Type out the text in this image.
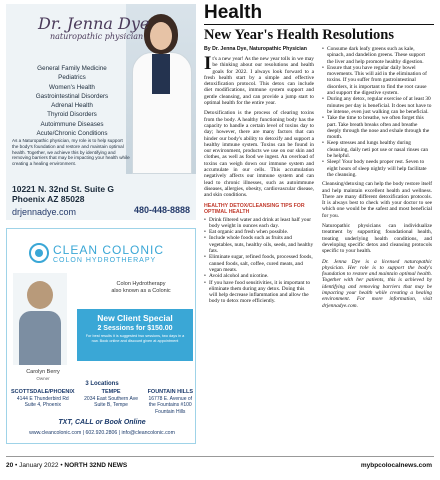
Dr. Jenna Dye
naturopathic physician
General Family Medicine
Pediatrics
Women's Health
Gastrointestinal Disorders
Adrenal Health
Thyroid Disorders
Autoimmune Diseases
Acute/Chronic Conditions
As a Naturopathic physician, my role is to help support the body's foundation and restore and maintain optimal health. Together, we achieve this by identifying and removing barriers that may be impacting your health while creating a healing environment.
10221 N. 32nd St. Suite G
Phoenix AZ 85028
drjennadye.com	480-448-8888
CLEAN COLONIC
COLON HYDROTHERAPY
Carolyn Berry
Owner
Colon Hydrotherapy
also known as a Colonic
New Client Special
2 Sessions for $150.00
For best results it is suggested two sessions, two days in a row. Book online and discount given at appointment
3 Locations
SCOTTSDALE/PHOENIX
4144 E Thunderbird Rd
Suite 4, Phoenix
TEMPE
2034 East Southern Ave
Suite B, Tempe
FOUNTAIN HILLS
16778 E. Avenue of
the Fountains #100
Fountain Hills
TXT, CALL or Book Online
www.cleancolonic.com | 602.920.2806 | info@cleancolonic.com
Health
New Year's Health Resolutions
By Dr. Jenna Dye, Naturopathic Physician

It's a new year! As the new year tolls in we may be thinking about our resolutions and health goals for 2022. I always look forward to a fresh health start by a simple and effective detoxification protocol. This detox can include diet modifications, immune system support and gentle cleansing, and can provide a jump start to optimal health for the entire year.

Detoxification is the process of clearing toxins from the body. A healthy functioning body has the capacity to handle a certain level of toxins day to day; however, there are many factors that can hinder our body's ability to detoxify and support a healthy immune system. Toxins can be found in our environment, products we use on our skin and clothes, as well as food we ingest. An overload of toxins can weigh down our immune system and accumulate in our cells. This accumulation negatively affects our immune system and can lead to chronic illnesses, such as autoimmune diseases, allergies, obesity, cardiovascular disease, and skin conditions.

HEALTHY DETOX/CLEANSING TIPS FOR OPTIMAL HEALTH
• Drink filtered water and drink at least half your body weight in ounces each day.
• Eat organic and fresh when possible.
• Include whole foods such as fruits and vegetables, nuts, healthy oils, seeds, and healthy fats.
• Eliminate sugar, refined foods, processed foods, canned foods, salt, coffee, cured meats, and vegan meats.
• Avoid alcohol and nicotine.
• If you have food sensitivities, it is important to eliminate them during any detox. Doing this will help decrease inflammation and allow the body to detox more efficiently.
• Consume dark leafy greens such as kale, spinach, and dandelion greens. These support the liver and help promote healthy digestion.
• Ensure that you have regular daily bowel movements. This will aid in the elimination of toxins. If you suffer from gastrointestinal disorders, it is important to find the root cause and support the digestive system.
• During any detox, regular exercise of at least 30 minutes per day is beneficial. It does not have to be intense, even just walking can be beneficial.
• Take the time to breathe, we often forget this part. Take breath breaks often and breathe deeply through the nose and exhale through the mouth.
• Keep stresses and lungs healthy during cleansing, daily neti pot use or nasal rinses can be helpful.
• Sleep! Your body needs proper rest. Seven to eight hours of sleep nightly will help facilitate the cleansing.

Cleansing/detoxing can help the body restore itself and help maintain excellent health and wellness. There are many different detoxification protocols. It is always best to check with your doctor to see which one would be the safest and most beneficial for you.

Naturopathic physicians can individualize treatment by supporting foundational health, treating underlying health conditions, and developing specific detox and cleansing protocols specific to your health.

Dr. Jenna Dye is a licensed naturopathic physician. Her role is to support the body's foundation to restore and maintain optimal health. Together with her patients, this is achieved by identifying and removing barriers that may be impacting your health while creating a healing environment. For more information, visit drjennadye.com.

20 • January 2022 • NORTH 32ND NEWS	mybpcolocalnews.com
